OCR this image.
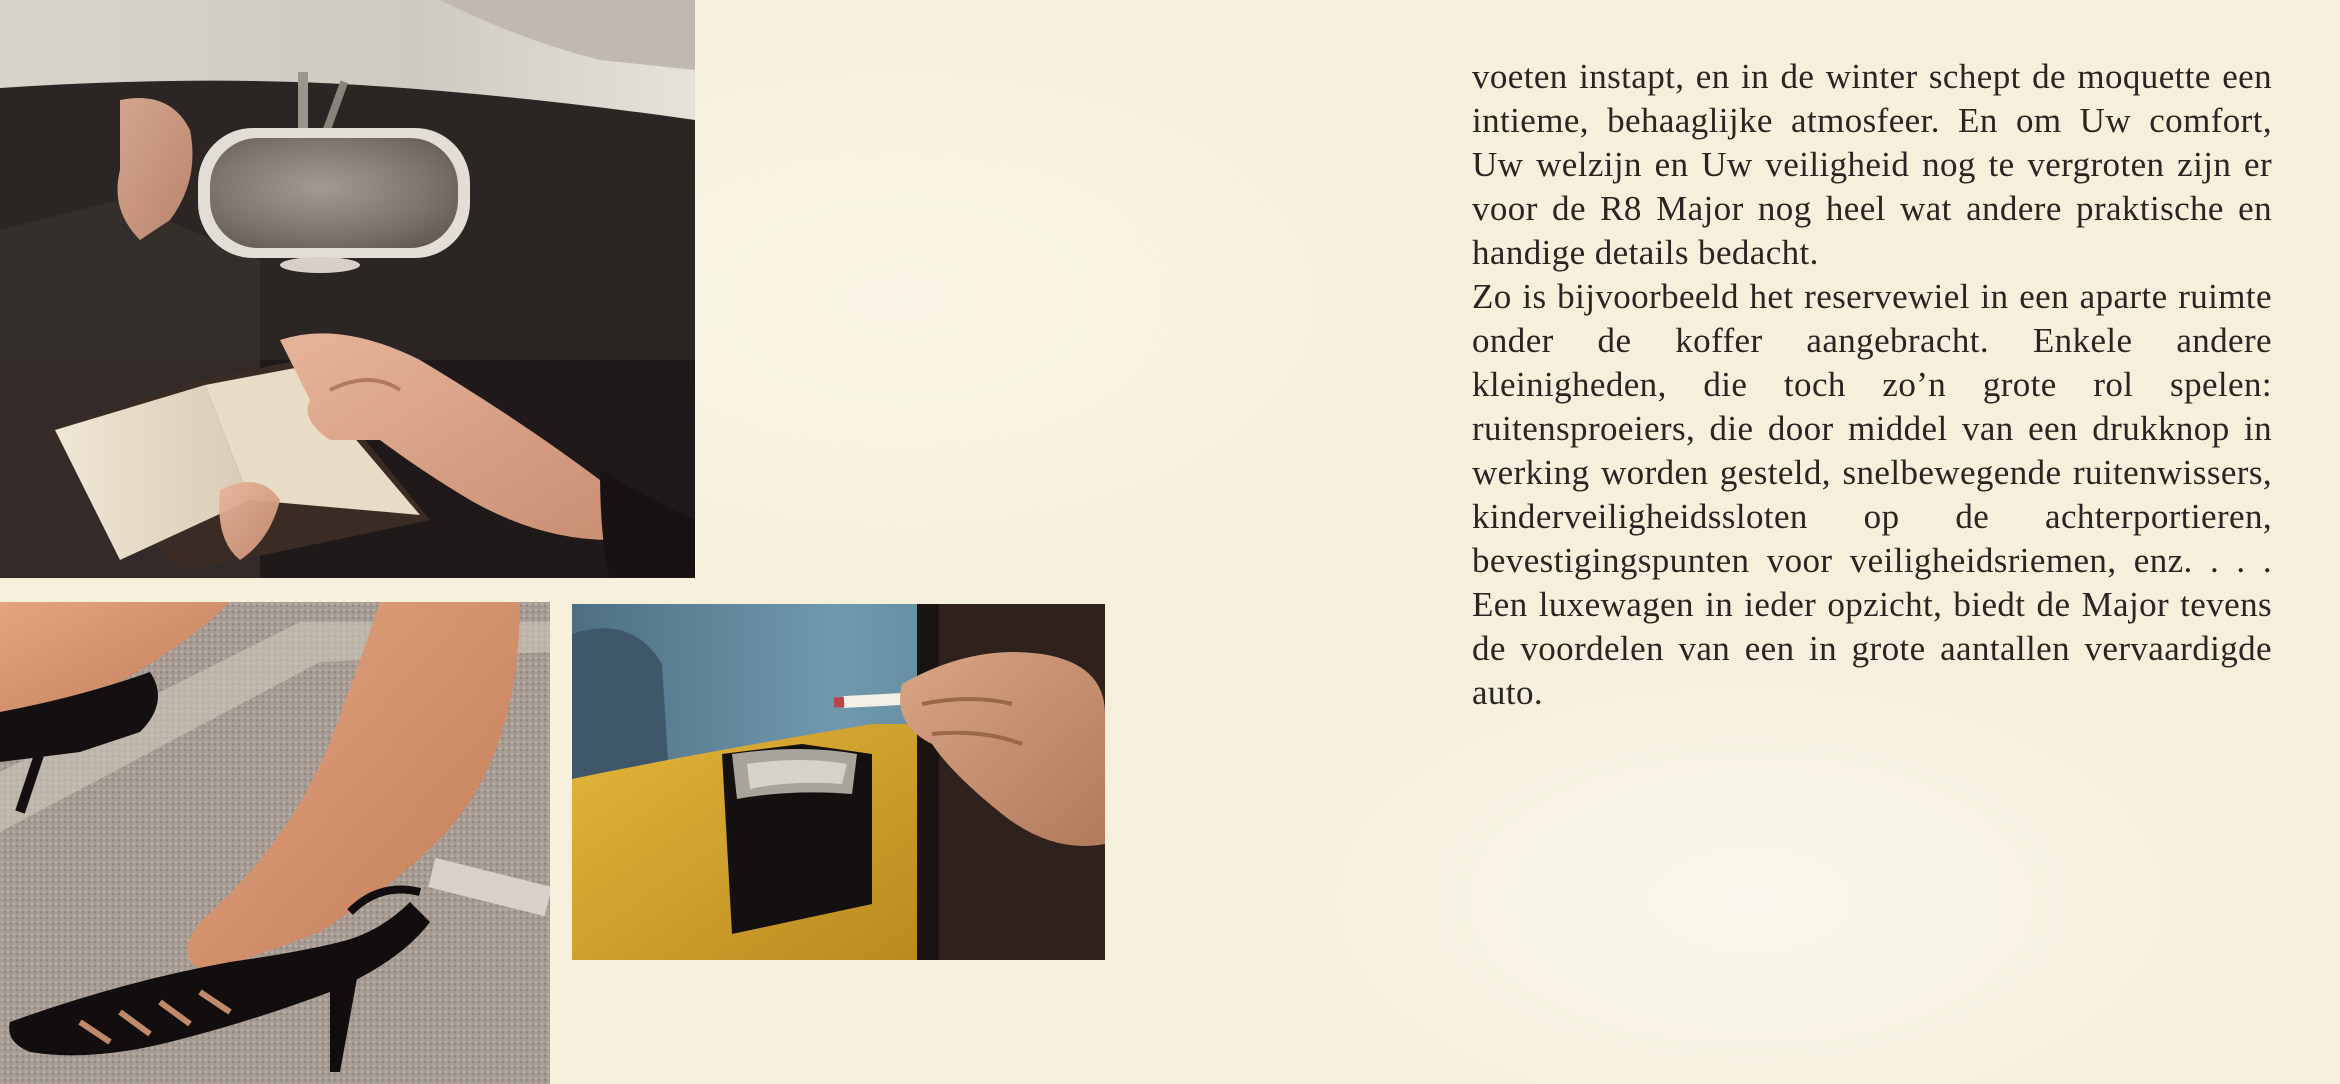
voeten instapt, en in de winter schept de moquette een intieme, behaaglijke atmosfeer. En om Uw comfort, Uw welzijn en Uw veiligheid nog te vergroten zijn er voor de R8 Major nog heel wat andere praktische en handige details bedacht.

Zo is bijvoorbeeld het reservewiel in een aparte ruimte onder de koffer aangebracht. Enkele andere kleinigheden, die toch zo’n grote rol spelen: ruitensproeiers, die door middel van een drukknop in werking worden gesteld, snelbewegende ruitenwissers, kinderveiligheidssloten op de achterportieren, bevestigingspunten voor veiligheidsriemen, enz. . . . Een luxewagen in ieder opzicht, biedt de Major tevens de voordelen van een in grote aantallen vervaardigde auto.
